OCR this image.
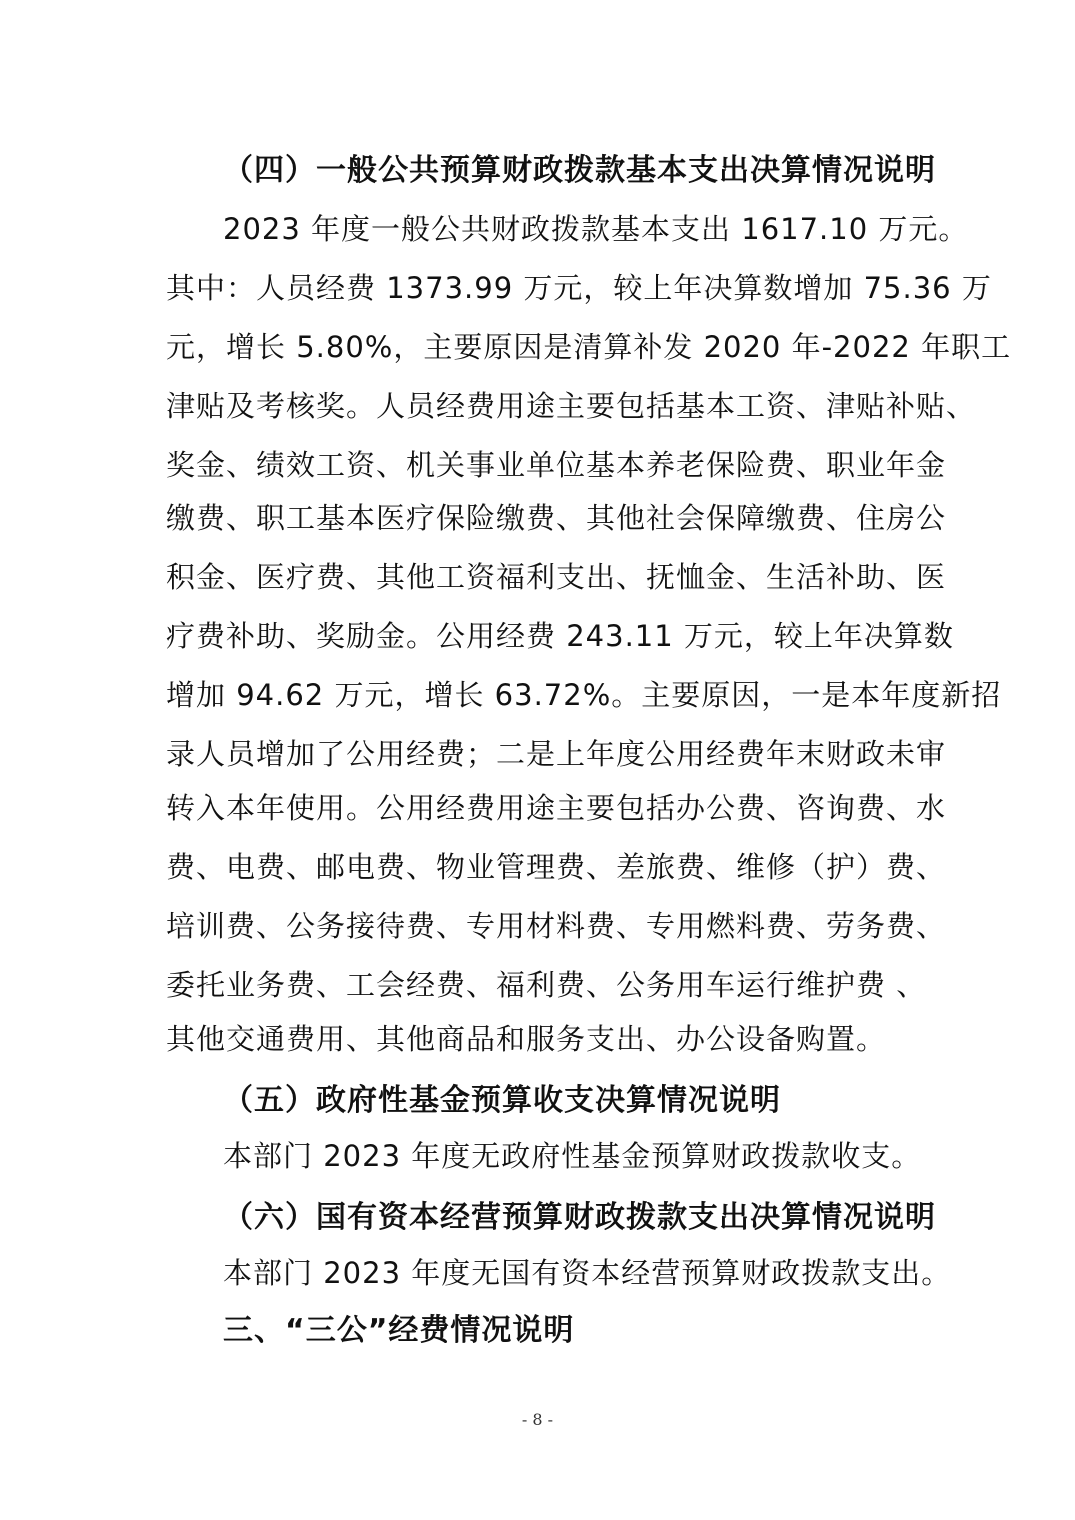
（四）一般公共预算财政拨款基本支出决算情况说明
2023 年度一般公共财政拨款基本支出 1617.10 万元。
其中：人员经费 1373.99 万元，较上年决算数增加 75.36 万
元，增长 5.80%，主要原因是清算补发 2020 年-2022 年职工
津贴及考核奖。人员经费用途主要包括基本工资、津贴补贴、
奖金、绩效工资、机关事业单位基本养老保险费、职业年金
缴费、职工基本医疗保险缴费、其他社会保障缴费、住房公
积金、医疗费、其他工资福利支出、抚恤金、生活补助、医
疗费补助、奖励金。公用经费 243.11 万元，较上年决算数
增加 94.62 万元，增长 63.72%。主要原因，一是本年度新招
录人员增加了公用经费；二是上年度公用经费年末财政未审
转入本年使用。公用经费用途主要包括办公费、咨询费、水
费、电费、邮电费、物业管理费、差旅费、维修（护）费、
培训费、公务接待费、专用材料费、专用燃料费、劳务费、
委托业务费、工会经费、福利费、公务用车运行维护费 、
其他交通费用、其他商品和服务支出、办公设备购置。
（五）政府性基金预算收支决算情况说明
本部门 2023 年度无政府性基金预算财政拨款收支。
（六）国有资本经营预算财政拨款支出决算情况说明
本部门 2023 年度无国有资本经营预算财政拨款支出。
三、“三公”经费情况说明
- 8 -
